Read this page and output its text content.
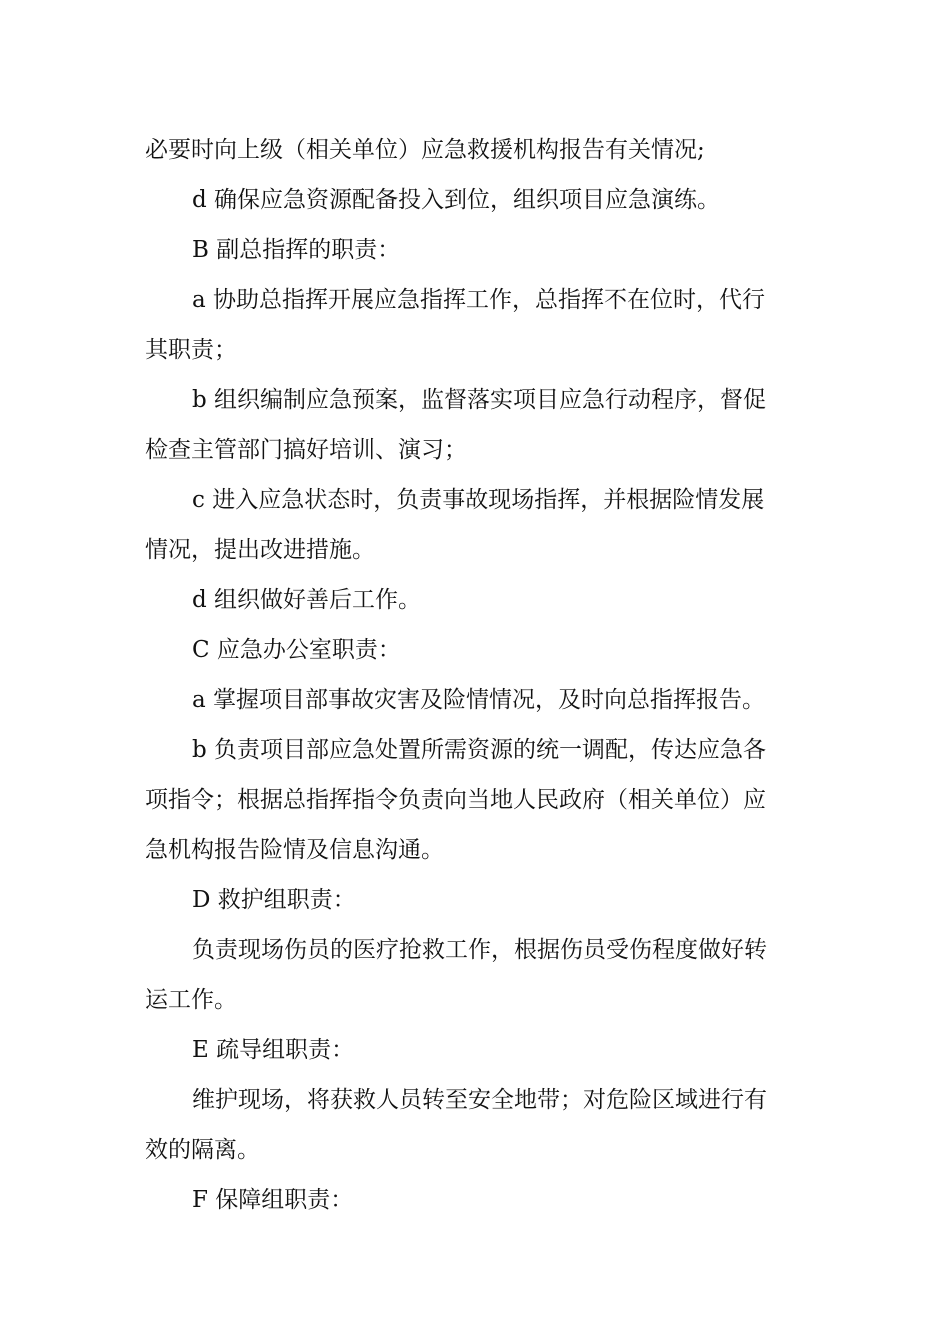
必要时向上级（相关单位）应急救援机构报告有关情况;
d 确保应急资源配备投入到位，组织项目应急演练。
B 副总指挥的职责：
a 协助总指挥开展应急指挥工作，总指挥不在位时，代行
其职责；
b 组织编制应急预案，监督落实项目应急行动程序，督促
检查主管部门搞好培训、演习；
c 进入应急状态时，负责事故现场指挥，并根据险情发展
情况，提出改进措施。
d 组织做好善后工作。
C 应急办公室职责：
a 掌握项目部事故灾害及险情情况，及时向总指挥报告。
b 负责项目部应急处置所需资源的统一调配，传达应急各
项指令；根据总指挥指令负责向当地人民政府（相关单位）应
急机构报告险情及信息沟通。
D 救护组职责：
负责现场伤员的医疗抢救工作，根据伤员受伤程度做好转
运工作。
E 疏导组职责：
维护现场，将获救人员转至安全地带；对危险区域进行有
效的隔离。
F 保障组职责：
